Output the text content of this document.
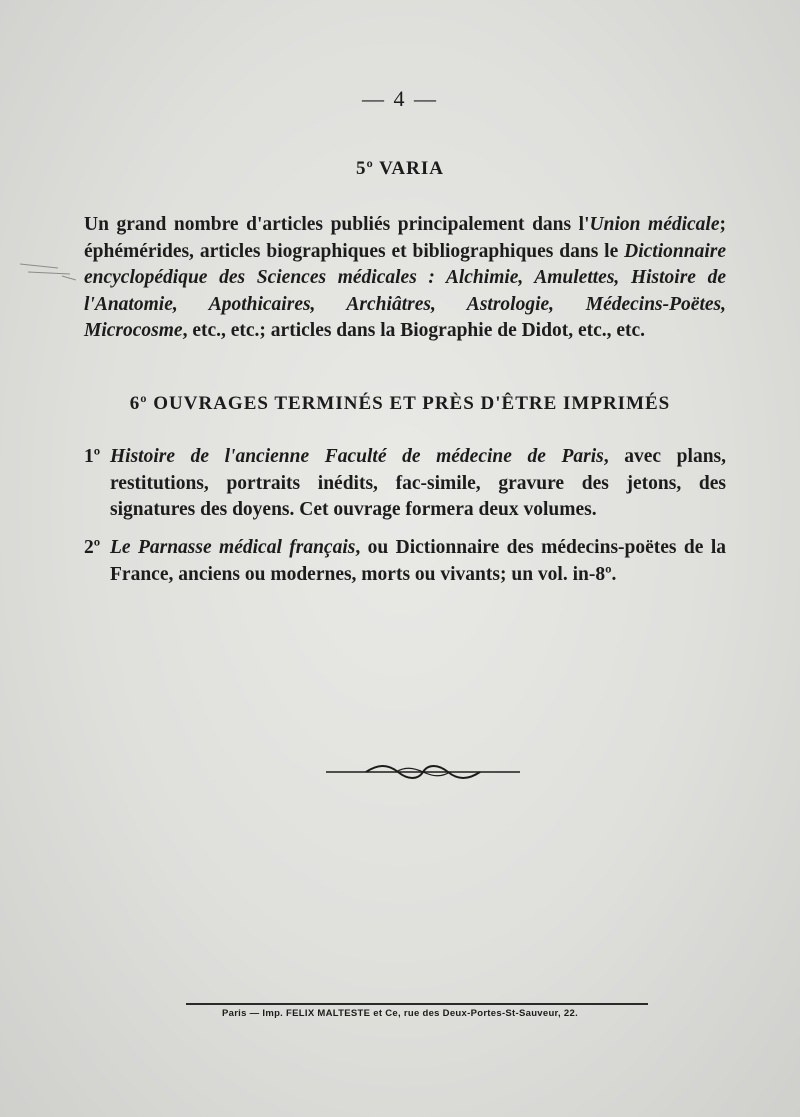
— 4 —
5º VARIA
Un grand nombre d'articles publiés principalement dans l'Union médicale; éphémérides, articles biographiques et bibliographiques dans le Dictionnaire encyclopédique des Sciences médicales : Alchimie, Amulettes, Histoire de l'Anatomie, Apothicaires, Archiâtres, Astrologie, Médecins-Poëtes, Microcosme, etc., etc.; articles dans la Biographie de Didot, etc., etc.
6º OUVRAGES TERMINÉS ET PRÈS D'ÊTRE IMPRIMÉS
1º Histoire de l'ancienne Faculté de médecine de Paris, avec plans, restitutions, portraits inédits, fac-simile, gravure des jetons, des signatures des doyens. Cet ouvrage formera deux volumes.
2º Le Parnasse médical français, ou Dictionnaire des médecins-poëtes de la France, anciens ou modernes, morts ou vivants; un vol. in-8º.
Paris — Imp. FELIX MALTESTE et Ce, rue des Deux-Portes-St-Sauveur, 22.
